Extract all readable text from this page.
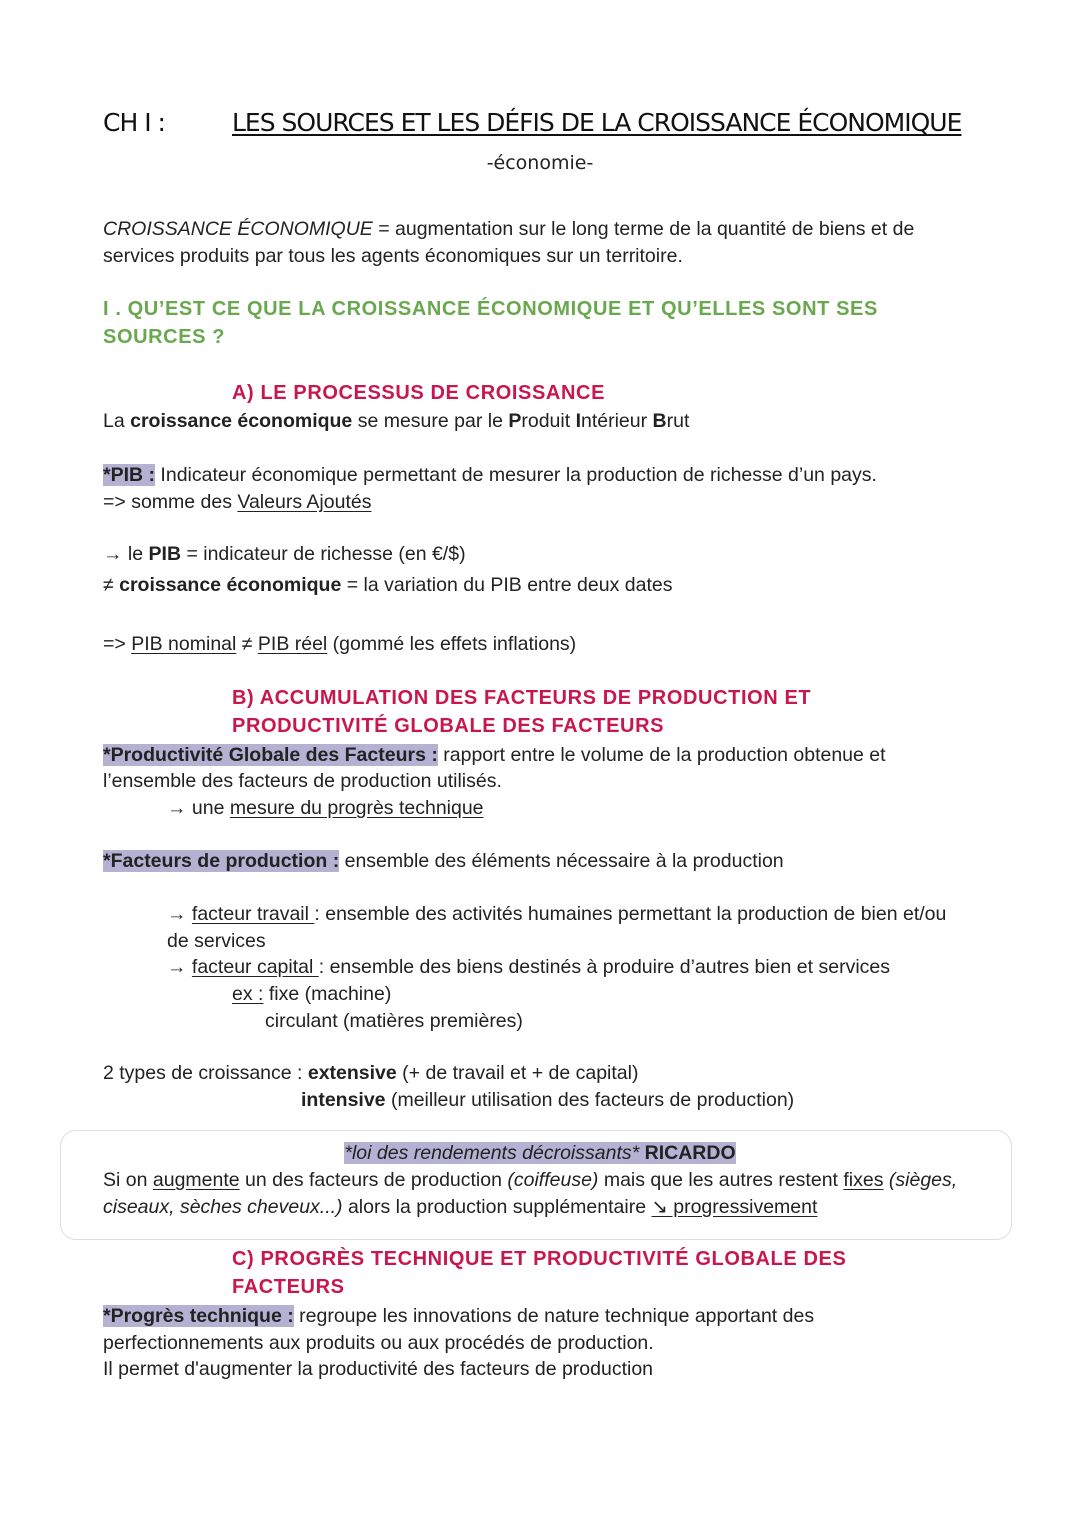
CH I :	LES SOURCES ET LES DÉFIS DE LA CROISSANCE ÉCONOMIQUE
-économie-
CROISSANCE ÉCONOMIQUE = augmentation sur le long terme de la quantité de biens et de
services produits par tous les agents économiques sur un territoire.
I . QU’EST CE QUE LA CROISSANCE ÉCONOMIQUE ET QU’ELLES SONT SES
SOURCES ?
A) LE PROCESSUS DE CROISSANCE
La croissance économique se mesure par le Produit Intérieur Brut
*PIB : Indicateur économique permettant de mesurer la production de richesse d’un pays.
=> somme des Valeurs Ajoutés
→ le PIB = indicateur de richesse (en €/$)
≠ croissance économique = la variation du PIB entre deux dates
=> PIB nominal ≠ PIB réel (gommé les effets inflations)
B) ACCUMULATION DES FACTEURS DE PRODUCTION ET
PRODUCTIVITÉ GLOBALE DES FACTEURS
*Productivité Globale des Facteurs : rapport entre le volume de la production obtenue et
l’ensemble des facteurs de production utilisés.
→ une mesure du progrès technique
*Facteurs de production : ensemble des éléments nécessaire à la production
→ facteur travail : ensemble des activités humaines permettant la production de bien et/ou
de services
→ facteur capital : ensemble des biens destinés à produire d’autres bien et services
ex : fixe (machine)
circulant (matières premières)
2 types de croissance : extensive (+ de travail et + de capital)
intensive (meilleur utilisation des facteurs de production)
*loi des rendements décroissants* RICARDO
Si on augmente un des facteurs de production (coiffeuse) mais que les autres restent fixes (sièges,
ciseaux, sèches cheveux...) alors la production supplémentaire ↘ progressivement
C) PROGRÈS TECHNIQUE ET PRODUCTIVITÉ GLOBALE DES
FACTEURS
*Progrès technique : regroupe les innovations de nature technique apportant des
perfectionnements aux produits ou aux procédés de production.
Il permet d'augmenter la productivité des facteurs de production
